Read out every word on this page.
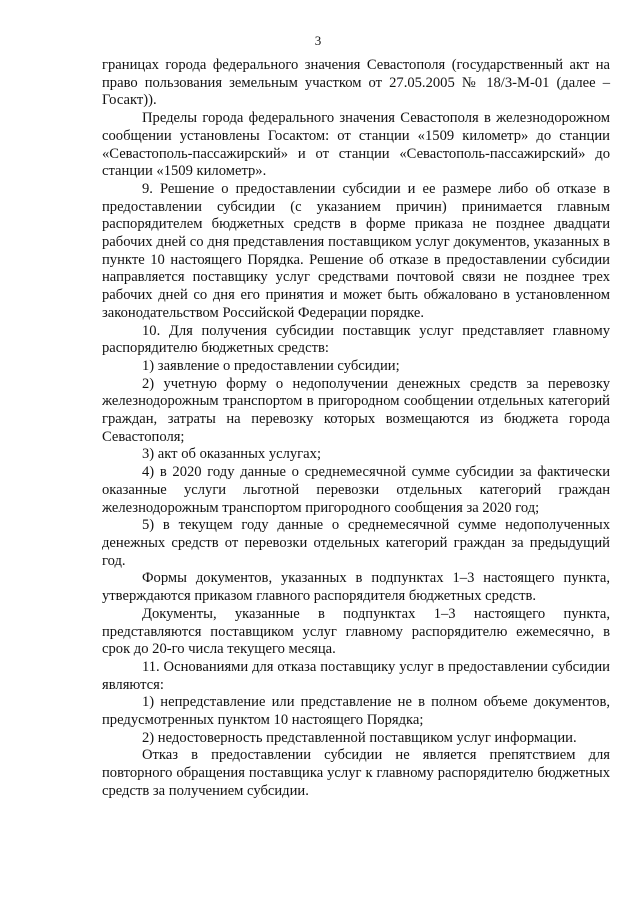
3

границах города федерального значения Севастополя (государственный акт на право пользования земельным участком от 27.05.2005 № 18/3-М-01 (далее – Госакт)).

Пределы города федерального значения Севастополя в железнодорожном сообщении установлены Госактом: от станции «1509 километр» до станции «Севастополь-пассажирский» и от станции «Севастополь-пассажирский» до станции «1509 километр».

9. Решение о предоставлении субсидии и ее размере либо об отказе в предоставлении субсидии (с указанием причин) принимается главным распорядителем бюджетных средств в форме приказа не позднее двадцати рабочих дней со дня представления поставщиком услуг документов, указанных в пункте 10 настоящего Порядка. Решение об отказе в предоставлении субсидии направляется поставщику услуг средствами почтовой связи не позднее трех рабочих дней со дня его принятия и может быть обжаловано в установленном законодательством Российской Федерации порядке.

10. Для получения субсидии поставщик услуг представляет главному распорядителю бюджетных средств:

1) заявление о предоставлении субсидии;

2) учетную форму о недополучении денежных средств за перевозку железнодорожным транспортом в пригородном сообщении отдельных категорий граждан, затраты на перевозку которых возмещаются из бюджета города Севастополя;

3) акт об оказанных услугах;

4) в 2020 году данные о среднемесячной сумме субсидии за фактически оказанные услуги льготной перевозки отдельных категорий граждан железнодорожным транспортом пригородного сообщения за 2020 год;

5) в текущем году данные о среднемесячной сумме недополученных денежных средств от перевозки отдельных категорий граждан за предыдущий год.

Формы документов, указанных в подпунктах 1–3 настоящего пункта, утверждаются приказом главного распорядителя бюджетных средств.

Документы, указанные в подпунктах 1–3 настоящего пункта, представляются поставщиком услуг главному распорядителю ежемесячно, в срок до 20-го числа текущего месяца.

11. Основаниями для отказа поставщику услуг в предоставлении субсидии являются:

1) непредставление или представление не в полном объеме документов, предусмотренных пунктом 10 настоящего Порядка;

2) недостоверность представленной поставщиком услуг информации.

Отказ в предоставлении субсидии не является препятствием для повторного обращения поставщика услуг к главному распорядителю бюджетных средств за получением субсидии.
